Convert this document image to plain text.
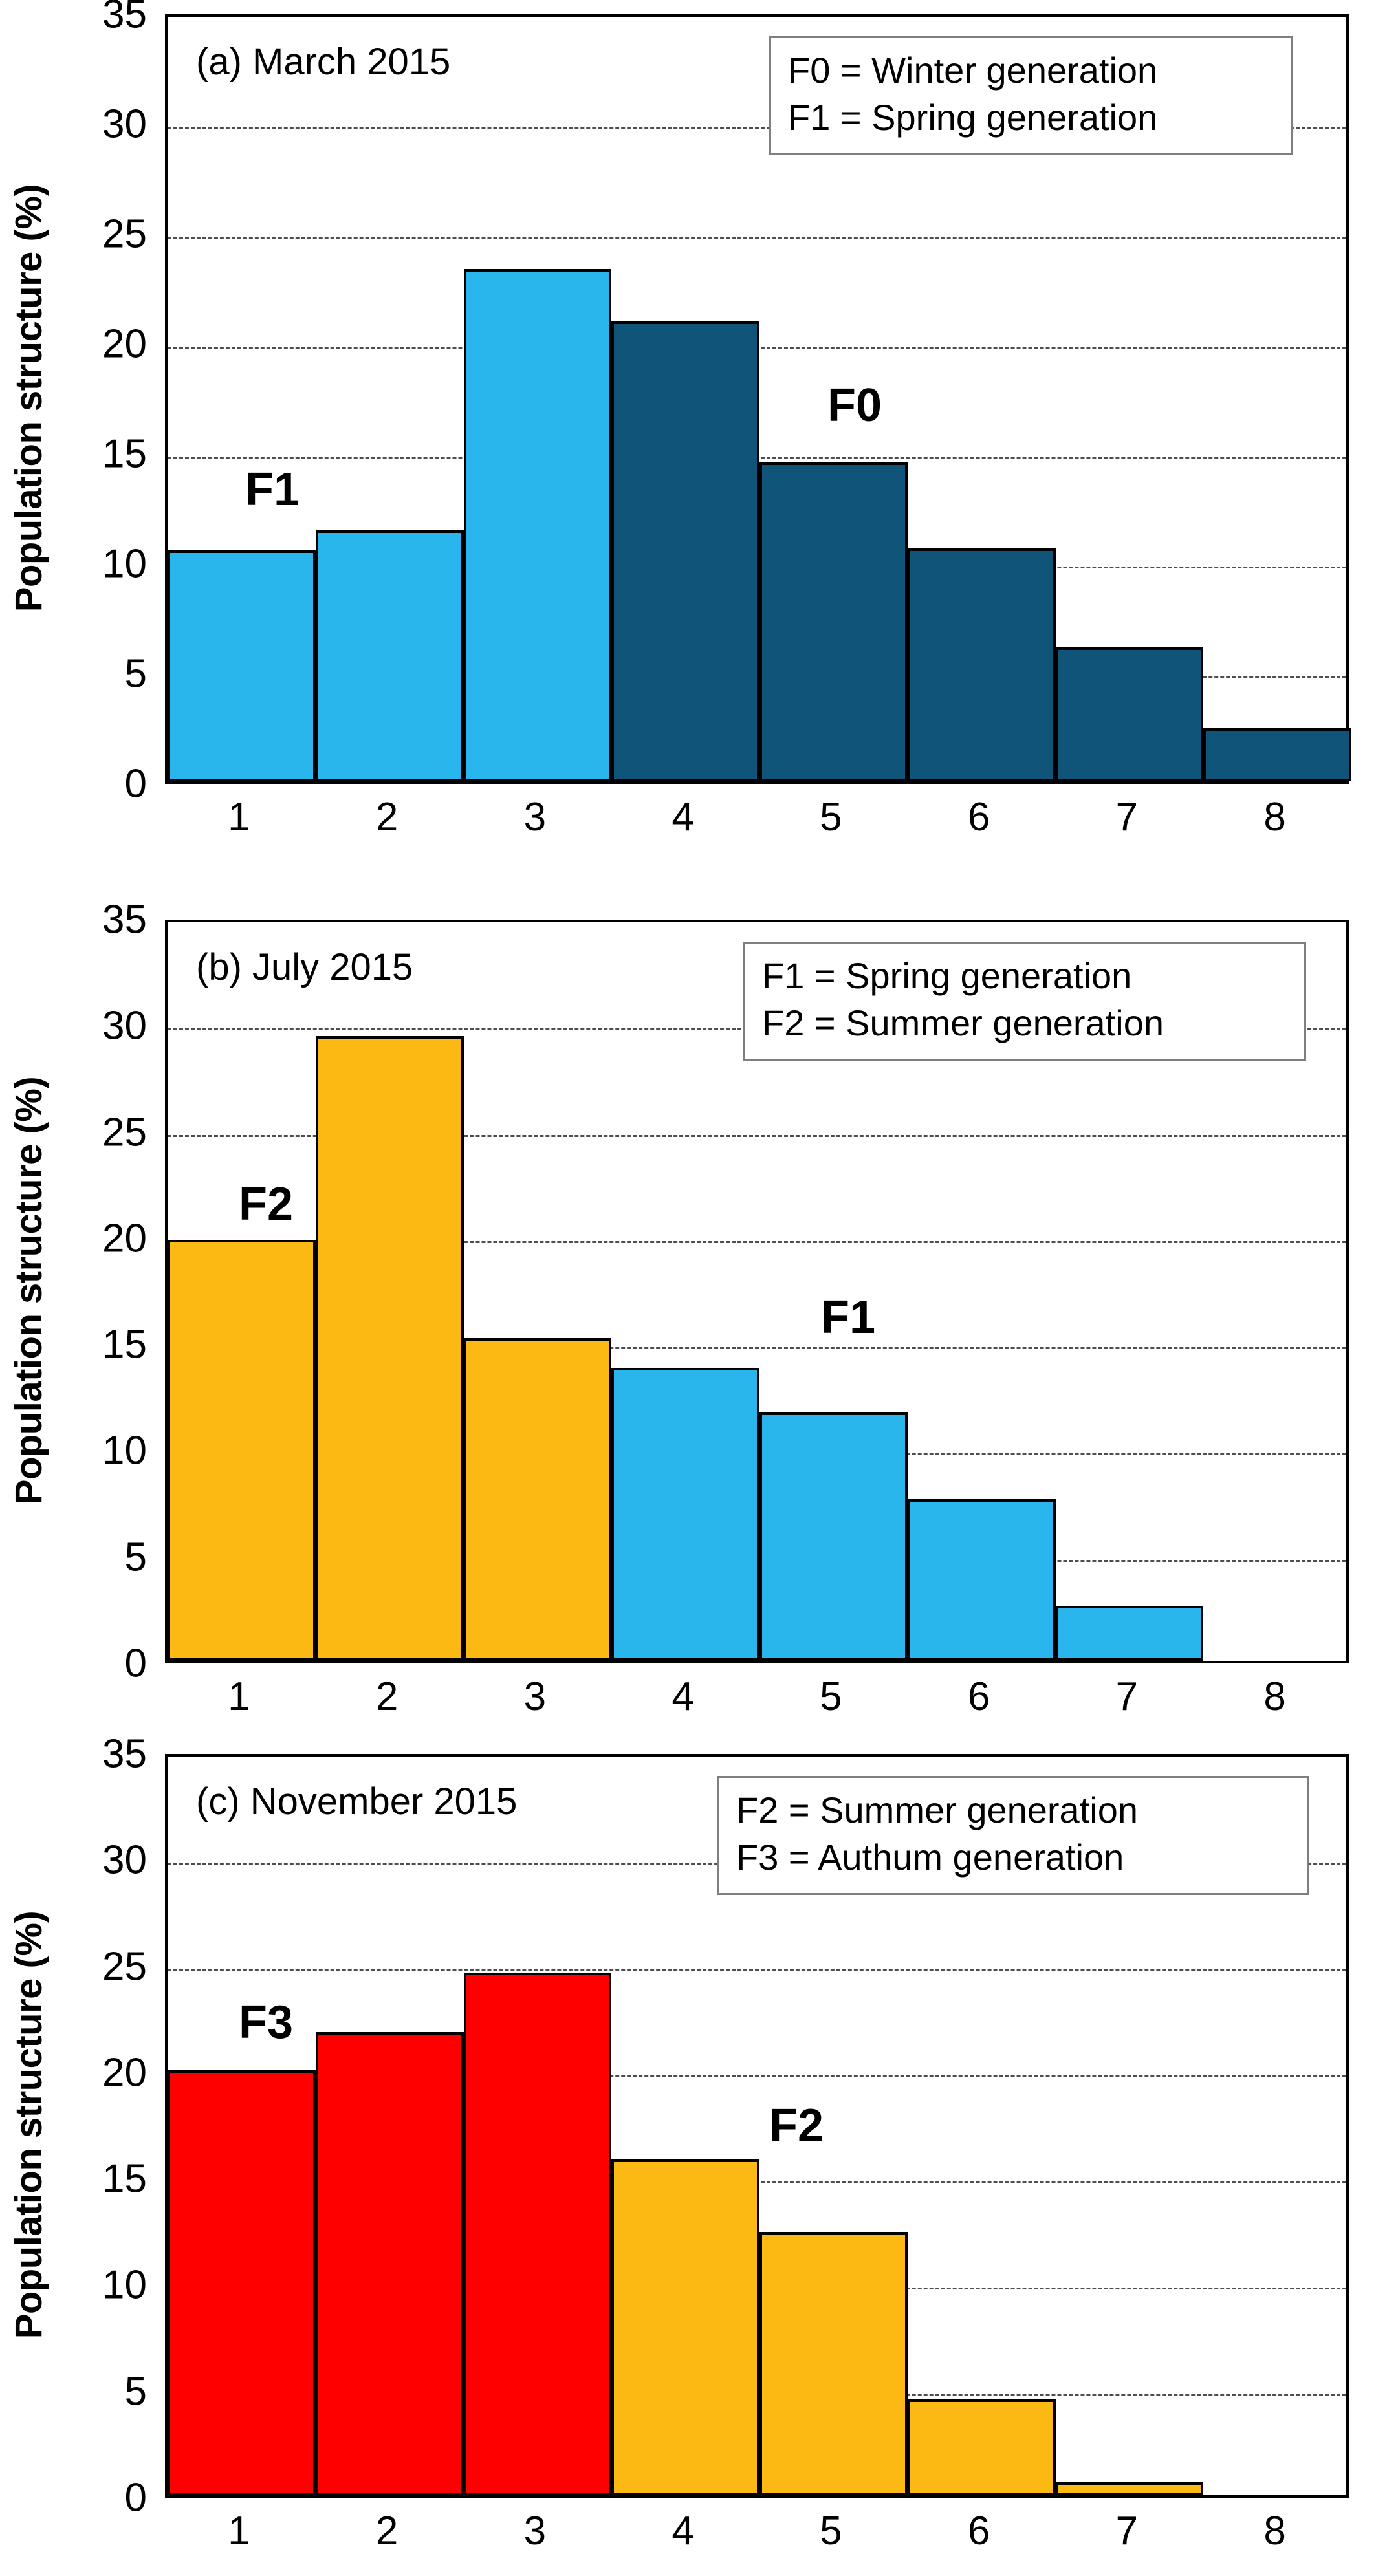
Population structure (%)
0
5
10
15
20
25
30
35
(a) March 2015	F0 = Winter generation
F1 = Spring generation
F1
F0
1	2	3	4	5	6	7	8
Population structure (%)
0
5
10
15
20
25
30
35
(b) July 2015	F1 = Spring generation
F2 = Summer generation
F2
F1
1	2	3	4	5	6	7	8
Population structure (%)
0
5
10
15
20
25
30
35
(c) November 2015	F2 = Summer generation
F3 = Authum generation
F3
F2
1	2	3	4	5	6	7	8
